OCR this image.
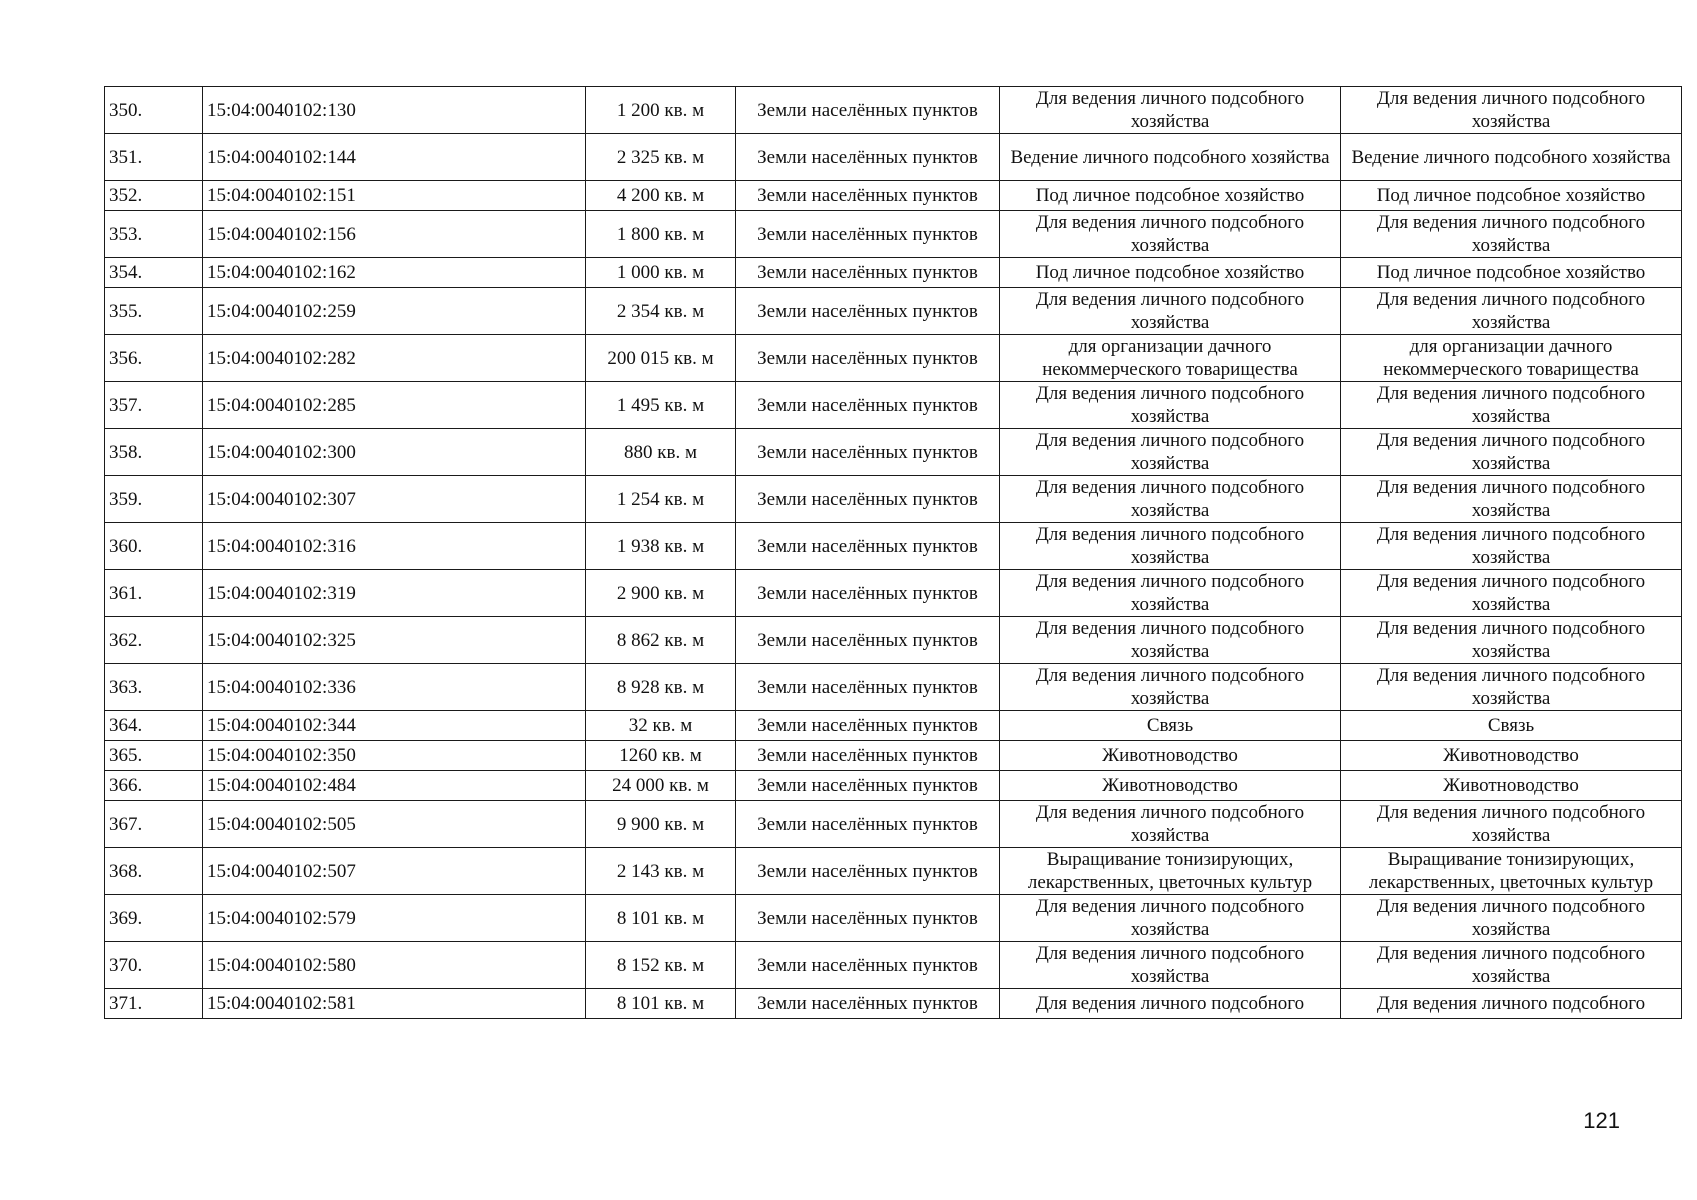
350.	15:04:0040102:130	1 200 кв. м	Земли населённых пунктов	Для ведения личного подсобного хозяйства	Для ведения личного подсобного хозяйства
351.	15:04:0040102:144	2 325 кв. м	Земли населённых пунктов	Ведение личного подсобного хозяйства	Ведение личного подсобного хозяйства
352.	15:04:0040102:151	4 200 кв. м	Земли населённых пунктов	Под личное подсобное хозяйство	Под личное подсобное хозяйство
353.	15:04:0040102:156	1 800 кв. м	Земли населённых пунктов	Для ведения личного подсобного хозяйства	Для ведения личного подсобного хозяйства
354.	15:04:0040102:162	1 000 кв. м	Земли населённых пунктов	Под личное подсобное хозяйство	Под личное подсобное хозяйство
355.	15:04:0040102:259	2 354 кв. м	Земли населённых пунктов	Для ведения личного подсобного хозяйства	Для ведения личного подсобного хозяйства
356.	15:04:0040102:282	200 015 кв. м	Земли населённых пунктов	для организации дачного некоммерческого товарищества	для организации дачного некоммерческого товарищества
357.	15:04:0040102:285	1 495 кв. м	Земли населённых пунктов	Для ведения личного подсобного хозяйства	Для ведения личного подсобного хозяйства
358.	15:04:0040102:300	880 кв. м	Земли населённых пунктов	Для ведения личного подсобного хозяйства	Для ведения личного подсобного хозяйства
359.	15:04:0040102:307	1 254 кв. м	Земли населённых пунктов	Для ведения личного подсобного хозяйства	Для ведения личного подсобного хозяйства
360.	15:04:0040102:316	1 938 кв. м	Земли населённых пунктов	Для ведения личного подсобного хозяйства	Для ведения личного подсобного хозяйства
361.	15:04:0040102:319	2 900 кв. м	Земли населённых пунктов	Для ведения личного подсобного хозяйства	Для ведения личного подсобного хозяйства
362.	15:04:0040102:325	8 862 кв. м	Земли населённых пунктов	Для ведения личного подсобного хозяйства	Для ведения личного подсобного хозяйства
363.	15:04:0040102:336	8 928 кв. м	Земли населённых пунктов	Для ведения личного подсобного хозяйства	Для ведения личного подсобного хозяйства
364.	15:04:0040102:344	32 кв. м	Земли населённых пунктов	Связь	Связь
365.	15:04:0040102:350	1260 кв. м	Земли населённых пунктов	Животноводство	Животноводство
366.	15:04:0040102:484	24 000 кв. м	Земли населённых пунктов	Животноводство	Животноводство
367.	15:04:0040102:505	9 900 кв. м	Земли населённых пунктов	Для ведения личного подсобного хозяйства	Для ведения личного подсобного хозяйства
368.	15:04:0040102:507	2 143 кв. м	Земли населённых пунктов	Выращивание тонизирующих, лекарственных, цветочных культур	Выращивание тонизирующих, лекарственных, цветочных культур
369.	15:04:0040102:579	8 101 кв. м	Земли населённых пунктов	Для ведения личного подсобного хозяйства	Для ведения личного подсобного хозяйства
370.	15:04:0040102:580	8 152 кв. м	Земли населённых пунктов	Для ведения личного подсобного хозяйства	Для ведения личного подсобного хозяйства
371.	15:04:0040102:581	8 101 кв. м	Земли населённых пунктов	Для ведения личного подсобного	Для ведения личного подсобного
121
